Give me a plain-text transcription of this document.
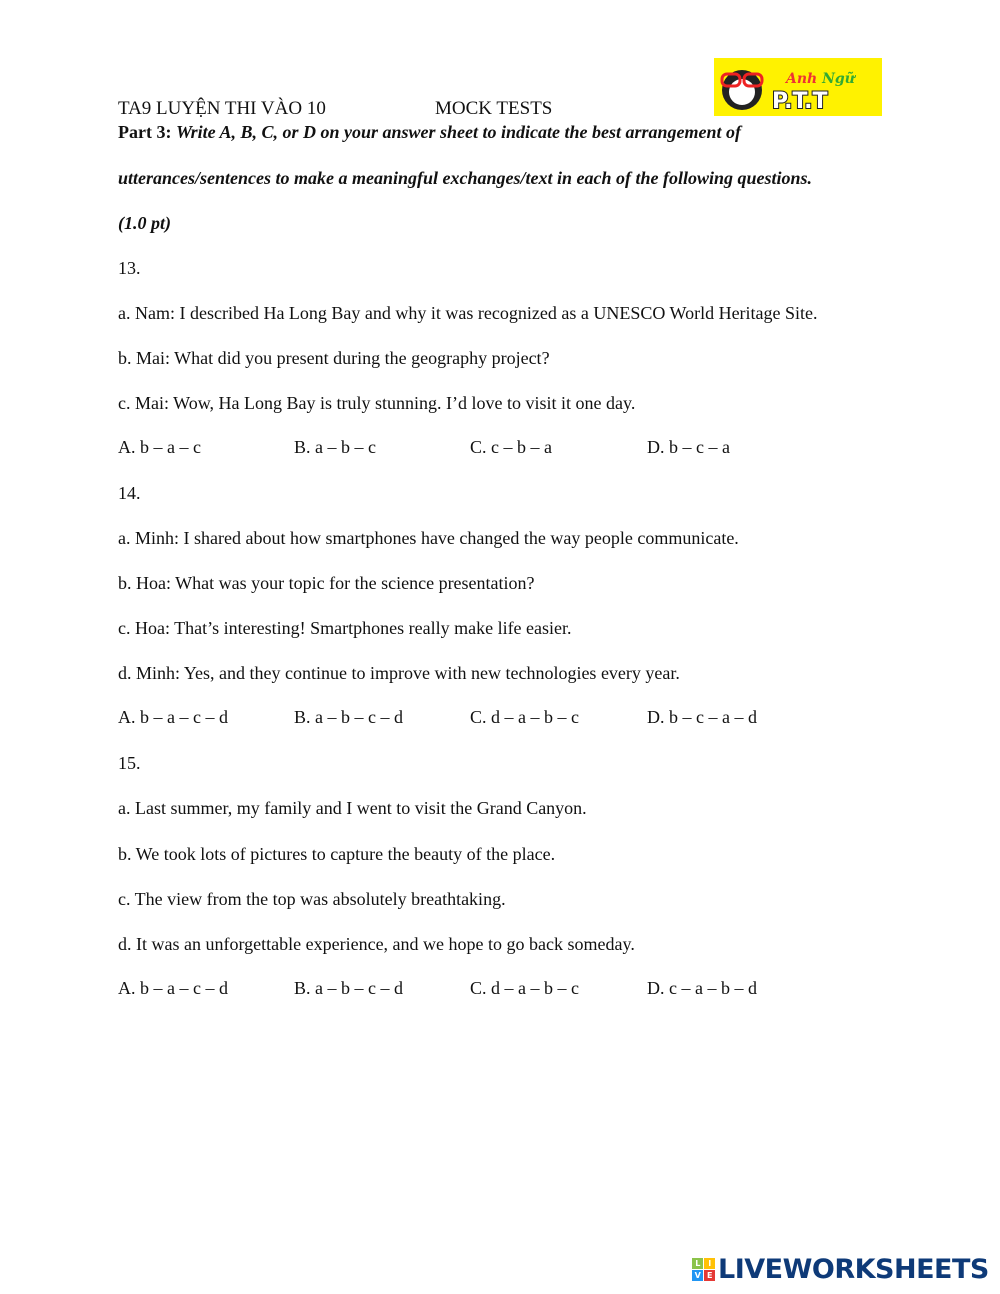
Anh Ngữ
P.T.T
TA9 LUYỆN THI VÀO 10	MOCK TESTS
Part 3: Write A, B, C, or D on your answer sheet to indicate the best arrangement of
utterances/sentences to make a meaningful exchanges/text in each of the following questions.
(1.0 pt)
13.
a. Nam: I described Ha Long Bay and why it was recognized as a UNESCO World Heritage Site.
b. Mai: What did you present during the geography project?
c. Mai: Wow, Ha Long Bay is truly stunning. I’d love to visit it one day.
A. b – a – c	B. a – b – c	C. c – b – a	D. b – c – a
14.
a. Minh: I shared about how smartphones have changed the way people communicate.
b. Hoa: What was your topic for the science presentation?
c. Hoa: That’s interesting! Smartphones really make life easier.
d. Minh: Yes, and they continue to improve with new technologies every year.
A. b – a – c – d	B. a – b – c – d	C. d – a – b – c	D. b – c – a – d
15.
a. Last summer, my family and I went to visit the Grand Canyon.
b. We took lots of pictures to capture the beauty of the place.
c. The view from the top was absolutely breathtaking.
d. It was an unforgettable experience, and we hope to go back someday.
A. b – a – c – d	B. a – b – c – d	C. d – a – b – c	D. c – a – b – d
L	I
V E LIVEWORKSHEETS
